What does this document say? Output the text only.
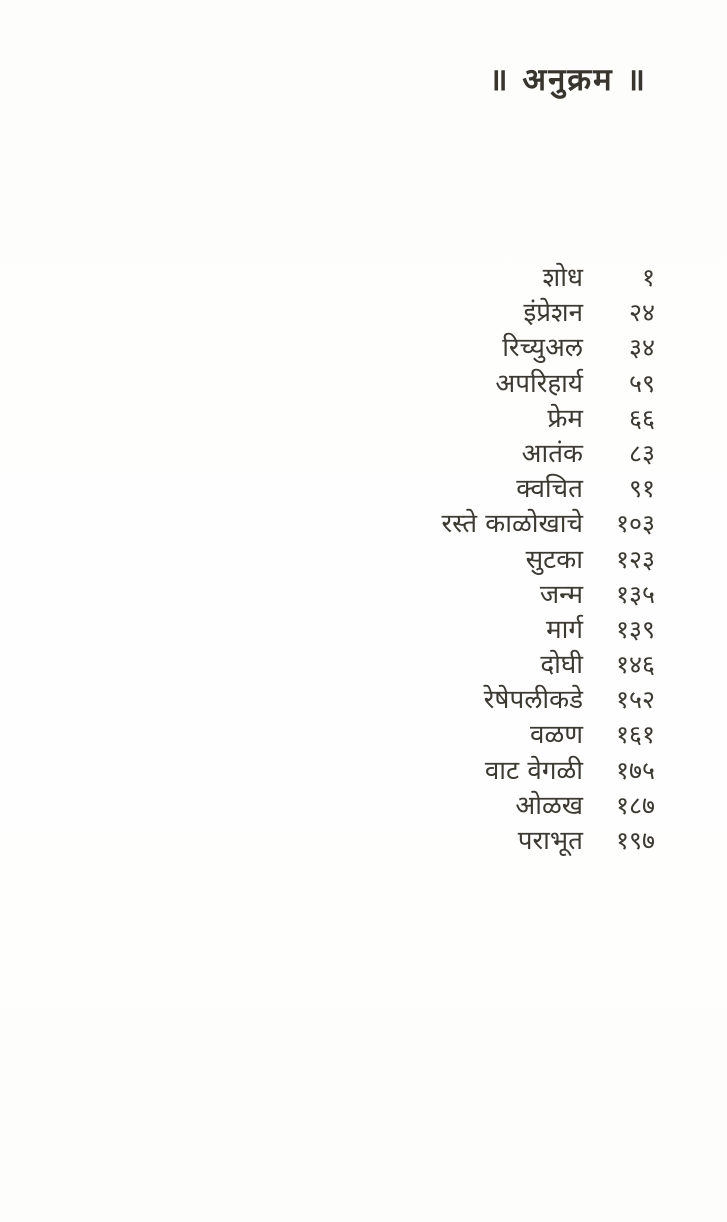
॥ अनुक्रम ॥
शोध	१
इंप्रेशन	२४
रिच्युअल	३४
अपरिहार्य	५९
फ्रेम	६६
आतंक	८३
क्वचित	९१
रस्ते काळोखाचे	१०३
सुटका	१२३
जन्म	१३५
मार्ग	१३९
दोघी	१४६
रेषेपलीकडे	१५२
वळण	१६१
वाट वेगळी	१७५
ओळख	१८७
पराभूत	१९७
